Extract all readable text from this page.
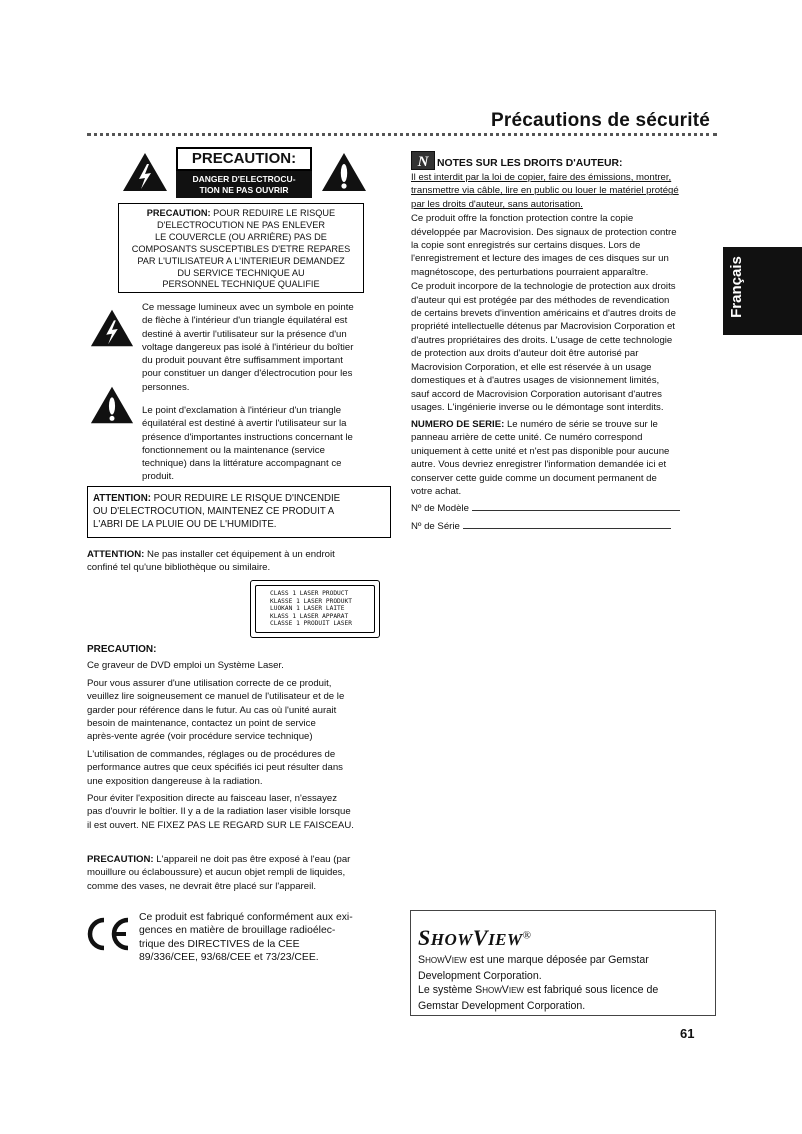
Précautions de sécurité
Français
PRECAUTION:
DANGER D'ELECTROCU-
TION NE PAS OUVRIR
PRECAUTION: POUR REDUIRE LE RISQUE
D'ELECTROCUTION NE PAS ENLEVER
LE COUVERCLE (OU ARRIÈRE) PAS DE
COMPOSANTS SUSCEPTIBLES D'ETRE REPARES
PAR L'UTILISATEUR A L'INTERIEUR DEMANDEZ
DU SERVICE TECHNIQUE AU
PERSONNEL TECHNIQUE QUALIFIE
Ce message lumineux avec un symbole en pointe
de flèche à l'intérieur d'un triangle équilatéral est
destiné à avertir l'utilisateur sur la présence d'un
voltage dangereux pas isolé à l'intérieur du boîtier
du produit pouvant être suffisamment important
pour constituer un danger d'électrocution pour les
personnes.
Le point d'exclamation à l'intérieur d'un triangle
équilatéral est destiné à avertir l'utilisateur sur la
présence d'importantes instructions concernant le
fonctionnement ou la maintenance (service
technique) dans la littérature accompagnant ce
produit.
ATTENTION: POUR REDUIRE LE RISQUE D'INCENDIE
OU D'ELECTROCUTION, MAINTENEZ CE PRODUIT A
L'ABRI DE LA PLUIE OU DE L'HUMIDITE.
ATTENTION: Ne pas installer cet équipement à un endroit
confiné tel qu'une bibliothèque ou similaire.
CLASS 1 LASER PRODUCT
KLASSE 1 LASER PRODUKT
LUOKAN 1 LASER LAITE
KLASS 1 LASER APPARAT
CLASSE 1 PRODUIT LASER

PRECAUTION:

Ce graveur de DVD emploi un Système Laser.

Pour vous assurer d'une utilisation correcte de ce produit,
veuillez lire soigneusement ce manuel de l'utilisateur et de le
garder pour référence dans le futur. Au cas où l'unité aurait
besoin de maintenance, contactez un point de service
après-vente agrée (voir procédure service technique)

L'utilisation de commandes, réglages ou de procédures de
performance autres que ceux spécifiés ici peut résulter dans
une exposition dangereuse à la radiation.

Pour éviter l'exposition directe au faisceau laser, n'essayez
pas d'ouvrir le boîtier. Il y a de la radiation laser visible lorsque
il est ouvert. NE FIXEZ PAS LE REGARD SUR LE FAISCEAU.

PRECAUTION: L'appareil ne doit pas être exposé à l'eau (par
mouillure ou éclaboussure) et aucun objet rempli de liquides,
comme des vases, ne devrait être placé sur l'appareil.
Ce produit est fabriqué conformément aux exi-
gences en matière de brouillage radioélec-
trique des DIRECTIVES de la CEE
89/336/CEE, 93/68/CEE et 73/23/CEE.
N NOTES SUR LES DROITS D'AUTEUR:

Il est interdit par la loi de copier, faire des émissions, montrer,
transmettre via câble, lire en public ou louer le matériel protégé
par les droits d'auteur, sans autorisation.

Ce produit offre la fonction protection contre la copie
développée par Macrovision. Des signaux de protection contre
la copie sont enregistrés sur certains disques. Lors de
l'enregistrement et lecture des images de ces disques sur un
magnétoscope, des perturbations pourraient apparaître.

Ce produit incorpore de la technologie de protection aux droits
d'auteur qui est protégée par des méthodes de revendication
de certains brevets d'invention américains et d'autres droits de
propriété intellectuelle détenus par Macrovision Corporation et
d'autres propriétaires des droits. L'usage de cette technologie
de protection aux droits d'auteur doit être autorisé par
Macrovision Corporation, et elle est réservée à un usage
domestiques et à d'autres usages de visionnement limités,
sauf accord de Macrovision Corporation autorisant d'autres
usages. L'ingénierie inverse ou le démontage sont interdits.

NUMERO DE SERIE: Le numéro de série se trouve sur le
panneau arrière de cette unité. Ce numéro correspond
uniquement à cette unité et n'est pas disponible pour aucune
autre. Vous devriez enregistrer l'information demandée ici et
conserver cette guide comme un document permanent de
votre achat.
Nº de Modèle
Nº de Série
SHOWVIEW®
SHOWVIEW est une marque déposée par Gemstar
Development Corporation.
Le système SHOWVIEW est fabriqué sous licence de
Gemstar Development Corporation.
61
